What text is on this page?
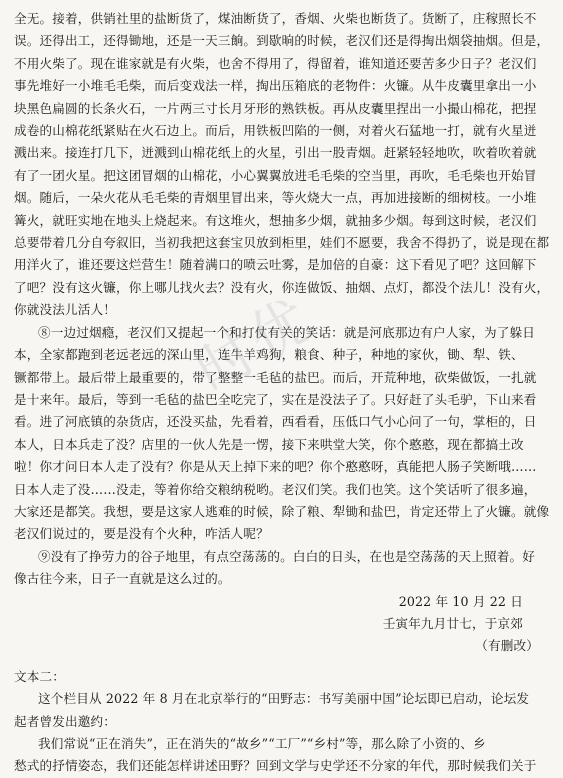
全无。接着，供销社里的盐断货了，煤油断货了，香烟、火柴也断货了。货断了，庄稼照长不
误。还得出工，还得锄地，还是一天三餉。到歇晌的时候，老汉们还是得掏出烟袋抽烟。但是，
不用火柴了。现在谁家就是有火柴，也舍不得用了，得留着，谁知道还要苦多少日子？老汉们
事先堆好一小堆毛毛柴，而后变戏法一样，掏出压箱底的老物件：火镰。从牛皮囊里拿出一小
块黑色扁圆的长条火石，一片两三寸长月牙形的熟铁板。再从皮囊里捏出一小撮山棉花，把捏
成卷的山棉花纸紧贴在火石边上。而后，用铁板凹陷的一侧，对着火石猛地一打，就有火星迸
溅出来。接连打几下，迸溅到山棉花纸上的火星，引出一股青烟。赶紧轻轻地吹，吹着吹着就
有了一团火星。把这团冒烟的山棉花，小心翼翼放进毛毛柴的空当里，再吹，毛毛柴也开始冒
烟。随后，一朵火花从毛毛柴的青烟里冒出来，等火烧大一点，再加进接断的细树枝。一小堆
篝火，就旺实地在地头上烧起来。有这堆火，想抽多少烟，就抽多少烟。每到这时候，老汉们
总要带着几分自夸叙旧，当初我把这套宝贝放到柜里，娃们不愿要，我舍不得扔了，说是现在都
用洋火了，谁还要这烂营生！随着满口的喷云吐雾，是加倍的自豪：这下看见了吧？这回解下
了吧？没有这火镰，你上哪儿找火去？没有火，你连做饭、抽烟、点灯，都没个法儿！没有火，
你就没法儿活人！
⑧一边过烟瘾，老汉们又提起一个和打仗有关的笑话：就是河底那边有户人家，为了躲日
本，全家都跑到老远老远的深山里，连牛羊鸡狗，粮食、种子，种地的家伙，锄、犁、铁、
镢都带上。最后带上最重要的，带了整整一毛毡的盐巴。而后，开荒种地，砍柴做饭，一扎就
是十来年。最后，等到一毛毡的盐巴全吃完了，实在是没法子了。只好赶了头毛驴，下山来看
看。进了河底镇的杂货店，还没买盐，先看着，西看看，压低口气小心问了一句，掌柜的，日
本人，日本兵走了没？店里的一伙人先是一愣，接下来哄堂大笑，你个憨憨，现在都搞土改
啦！你才问日本人走了没有？你是从天上掉下来的吧？你个憨憨呀，真能把人肠子笑断哦……
日本人走了没……没走，等着你给交粮纳税哟。老汉们笑。我们也笑。这个笑话听了很多遍，
大家还是都笑。我想，要是这家人逃难的时候，除了粮、犁锄和盐巴，肯定还带上了火镰。就像
老汉们说过的，要是没有个火种，咋活人呢？
⑨没有了挣劳力的谷子地里，有点空荡荡的。白白的日头，在也是空荡荡的天上照着。好
像古往今来，日子一直就是这么过的。
2022 年 10 月 22 日
壬寅年九月廿七，于京郊
（有删改）
文本二：
这个栏目从 2022 年 8 月在北京举行的“田野志：书写美丽中国”论坛即已启动，论坛发
起者曾发出邀约：
我们常说“正在消失”，正在消失的“故乡”“工厂”“乡村”等，那么除了小资的、乡
愁式的抒情姿态，我们还能怎样讲述田野？回到文学与史学还不分家的年代，那时候我们关于
时优
